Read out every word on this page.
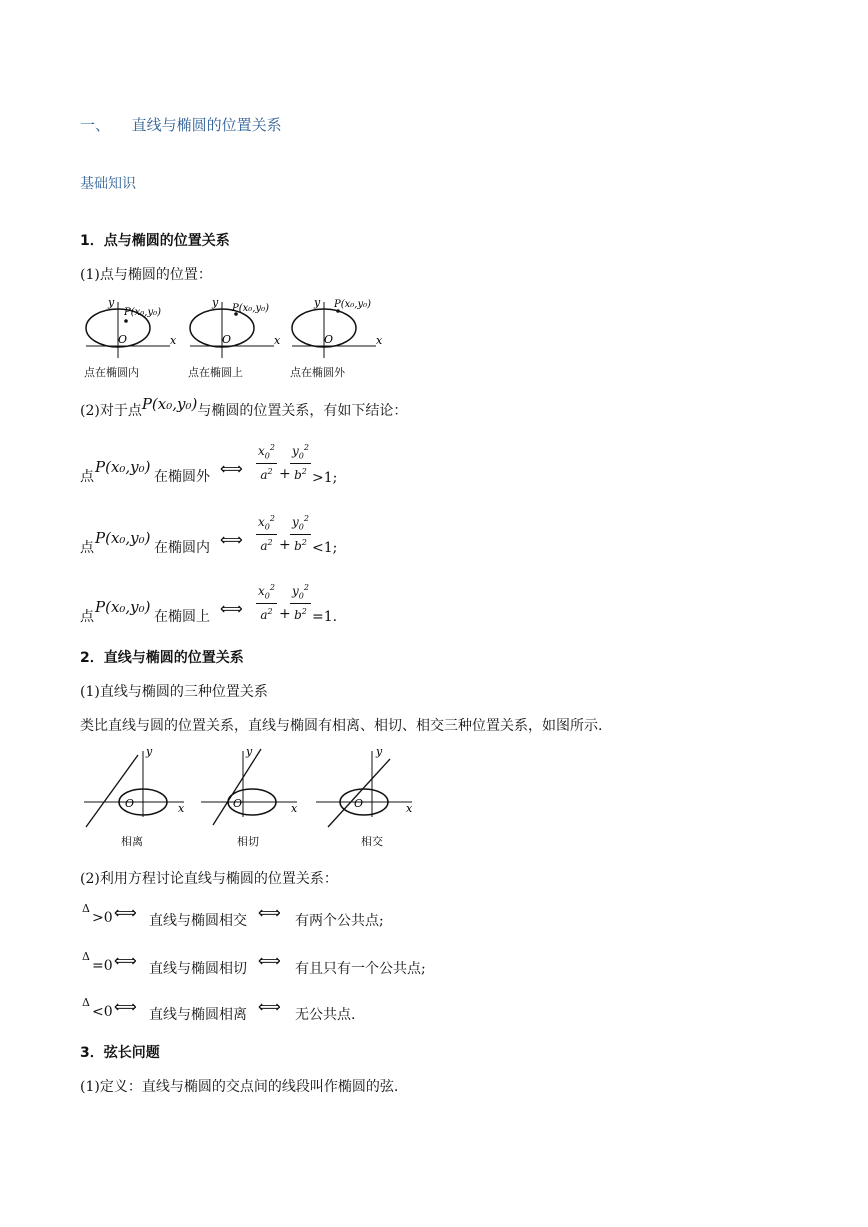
一、 直线与椭圆的位置关系
基础知识
1．点与椭圆的位置关系
(1)点与椭圆的位置：
y
x
O
P(x₀,y₀)
y
x
O
P(x₀,y₀)	y
x
O
P(x₀,y₀)
点在椭圆内	点在椭圆上	点在椭圆外
(2)对于点P(x₀,y₀)与椭圆的位置关系，有如下结论：
点
P(x₀,y₀)
在椭圆外 ⟺ $\frac{x_0^2}{a^2} + \frac{y_0^2}{b^2} >1$;
点
P(x₀,y₀)
在椭圆内 ⟺ $\frac{x_0^2}{a^2} + \frac{y_0^2}{b^2} <1$;
点
P(x₀,y₀)
在椭圆上 ⟺ $\frac{x_0^2}{a^2} + \frac{y_0^2}{b^2} =1$.
2．直线与椭圆的位置关系
(1)直线与椭圆的三种位置关系
类比直线与圆的位置关系，直线与椭圆有相离、相切、相交三种位置关系，如图所示.
y
x
O
y
x
O
y
x
O
相离	相切	相交
(2)利用方程讨论直线与椭圆的位置关系：
Δ
>0 ⟺ 直线与椭圆相交 ⟺ 有两个公共点;
Δ
=0 ⟺ 直线与椭圆相切 ⟺ 有且只有一个公共点;
Δ
<0 ⟺ 直线与椭圆相离 ⟺ 无公共点.
3．弦长问题
(1)定义：直线与椭圆的交点间的线段叫作椭圆的弦.
